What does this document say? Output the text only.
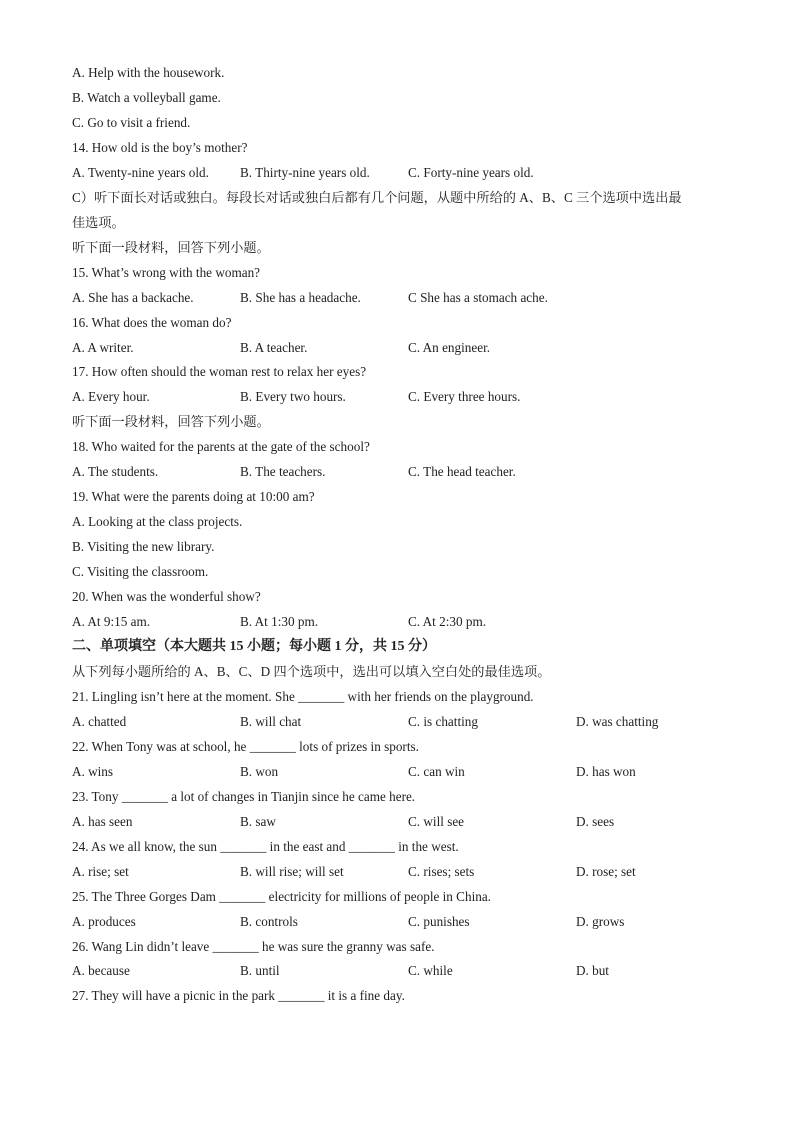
A. Help with the housework.
B. Watch a volleyball game.
C. Go to visit a friend.
14. How old is the boy’s mother?
A. Twenty-nine years old. B. Thirty-nine years old.	C. Forty-nine years old.
C）听下面长对话或独白。每段长对话或独白后都有几个问题，从题中所给的 A、B、C 三个选项中选出最
佳选项。
听下面一段材料，回答下列小题。
15. What’s wrong with the woman?
A. She has a backache.	B. She has a headache.	C She has a stomach ache.
16. What does the woman do?
A. A writer.	B. A teacher.	C. An engineer.
17. How often should the woman rest to relax her eyes?
A. Every hour.	B. Every two hours.	C. Every three hours.
听下面一段材料，回答下列小题。
18. Who waited for the parents at the gate of the school?
A. The students.	B. The teachers.	C. The head teacher.
19. What were the parents doing at 10:00 am?
A. Looking at the class projects.
B. Visiting the new library.
C. Visiting the classroom.
20. When was the wonderful show?
A. At 9:15 am.	B. At 1:30 pm.	C. At 2:30 pm.
二、单项填空（本大题共 15 小题；每小题 1 分，共 15 分）
从下列每小题所给的 A、B、C、D 四个选项中，选出可以填入空白处的最佳选项。
21. Lingling isn’t here at the moment. She _______ with her friends on the playground.
A. chatted	B. will chat	C. is chatting	D. was chatting
22. When Tony was at school, he _______ lots of prizes in sports.
A. wins	B. won	C. can win	D. has won
23. Tony _______ a lot of changes in Tianjin since he came here.
A. has seen	B. saw	C. will see	D. sees
24. As we all know, the sun _______ in the east and _______ in the west.
A. rise; set	B. will rise; will set	C. rises; sets	D. rose; set
25. The Three Gorges Dam _______ electricity for millions of people in China.
A. produces	B. controls	C. punishes	D. grows
26. Wang Lin didn’t leave _______ he was sure the granny was safe.
A. because	B. until	C. while	D. but
27. They will have a picnic in the park _______ it is a fine day.
